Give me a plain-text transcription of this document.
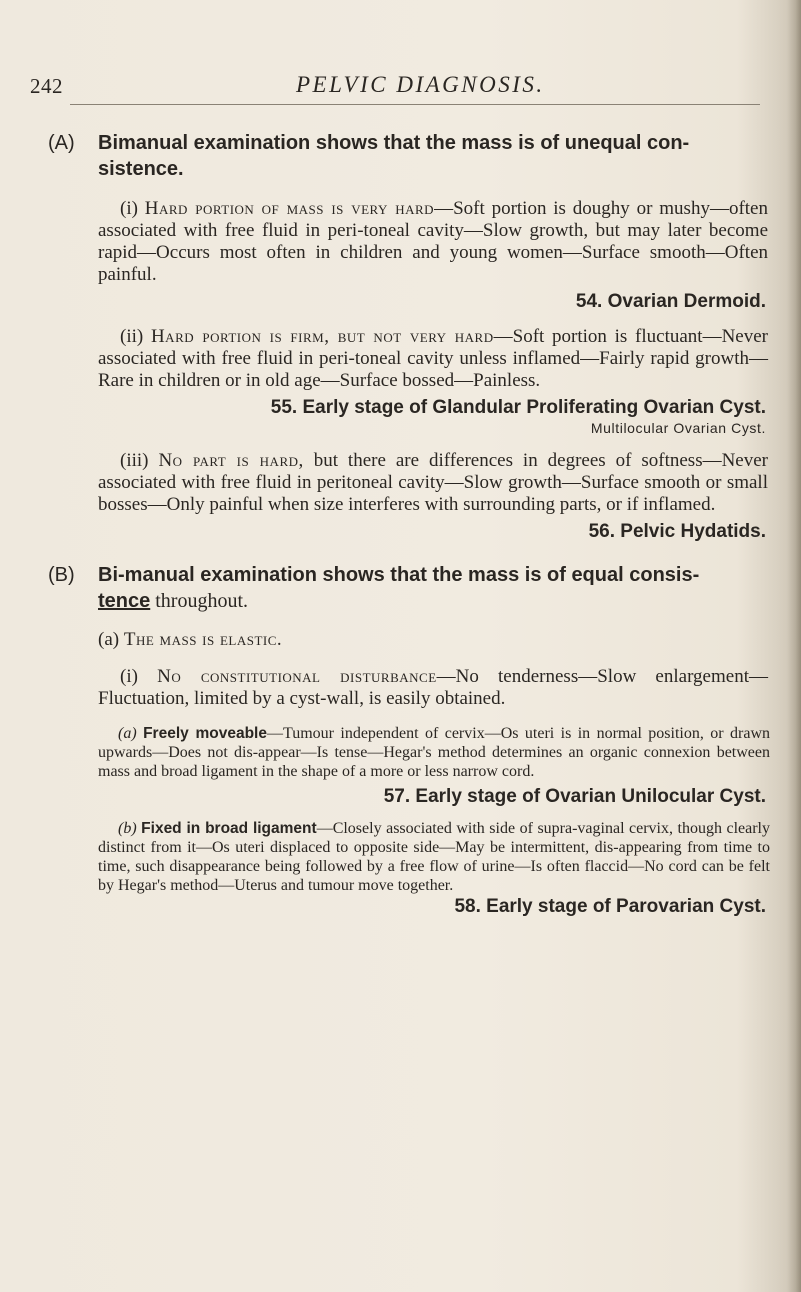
242	PELVIC DIAGNOSIS.

(A) Bimanual examination shows that the mass is of unequal con-sistence.

(i) Hard portion of mass is very hard—Soft portion is doughy or mushy—often associated with free fluid in peri-toneal cavity—Slow growth, but may later become rapid—Occurs most often in children and young women—Surface smooth—Often painful.

54. Ovarian Dermoid.

(ii) Hard portion is firm, but not very hard—Soft portion is fluctuant—Never associated with free fluid in peri-toneal cavity unless inflamed—Fairly rapid growth—Rare in children or in old age—Surface bossed—Painless.

55. Early stage of Glandular Proliferating Ovarian Cyst.

Multilocular Ovarian Cyst.

(iii) No part is hard, but there are differences in degrees of softness—Never associated with free fluid in peritoneal cavity—Slow growth—Surface smooth or small bosses—Only painful when size interferes with surrounding parts, or if inflamed.

56. Pelvic Hydatids.

(B) Bi-manual examination shows that the mass is of equal consis-
tence throughout.

(a) The mass is elastic.

(i) No constitutional disturbance—No tenderness—Slow enlargement—Fluctuation, limited by a cyst-wall, is easily obtained.

(a) Freely moveable—Tumour independent of cervix—Os uteri is in normal position, or drawn upwards—Does not dis-appear—Is tense—Hegar's method determines an organic connexion between mass and broad ligament in the shape of a more or less narrow cord.

57. Early stage of Ovarian Unilocular Cyst.

(b) Fixed in broad ligament—Closely associated with side of supra-vaginal cervix, though clearly distinct from it—Os uteri displaced to opposite side—May be intermittent, dis-appearing from time to time, such disappearance being followed by a free flow of urine—Is often flaccid—No cord can be felt by Hegar's method—Uterus and tumour move together.

58. Early stage of Parovarian Cyst.
